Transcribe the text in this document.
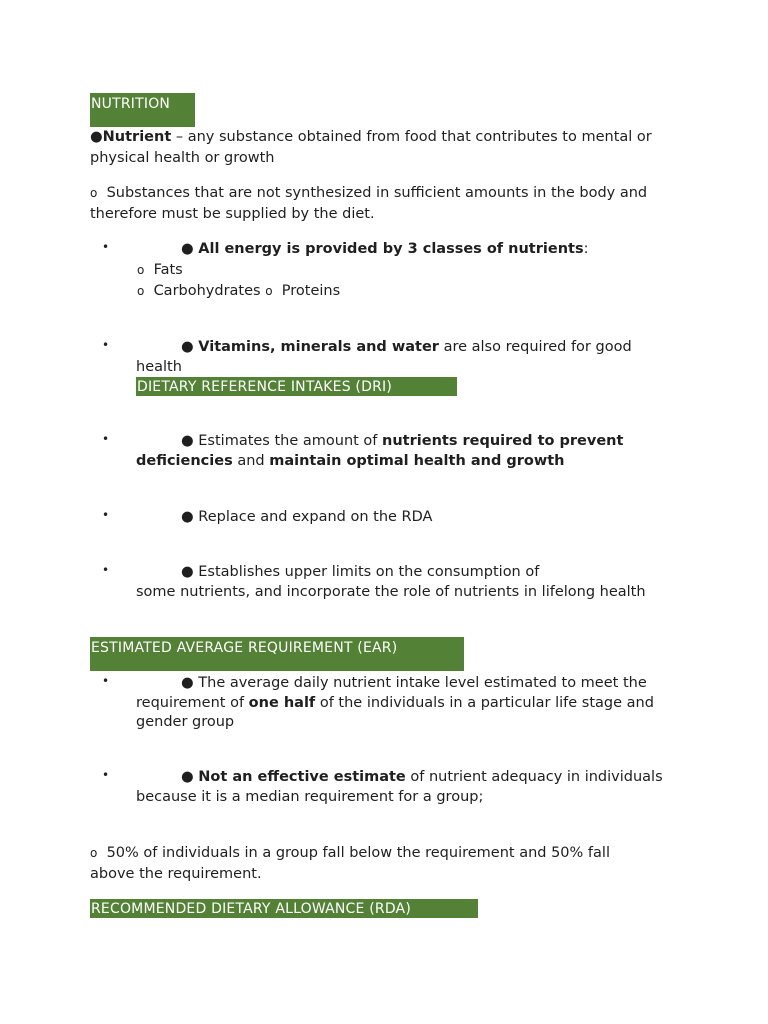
NUTRITION
●Nutrient – any substance obtained from food that contributes to mental or
physical health or growth
o Substances that are not synthesized in sufficient amounts in the body and
therefore must be supplied by the diet.
•	● All energy is provided by 3 classes of nutrients:
o Fats
o Carbohydrates o Proteins
•	● Vitamins, minerals and water are also required for good
health
DIETARY REFERENCE INTAKES (DRI)
•	● Estimates the amount of nutrients required to prevent
deficiencies and maintain optimal health and growth
•	● Replace and expand on the RDA
•	● Establishes upper limits on the consumption of
some nutrients, and incorporate the role of nutrients in lifelong health
ESTIMATED AVERAGE REQUIREMENT (EAR)
•	● The average daily nutrient intake level estimated to meet the
requirement of one half of the individuals in a particular life stage and
gender group
•	● Not an effective estimate of nutrient adequacy in individuals
because it is a median requirement for a group;
o 50% of individuals in a group fall below the requirement and 50% fall
above the requirement.
RECOMMENDED DIETARY ALLOWANCE (RDA)
